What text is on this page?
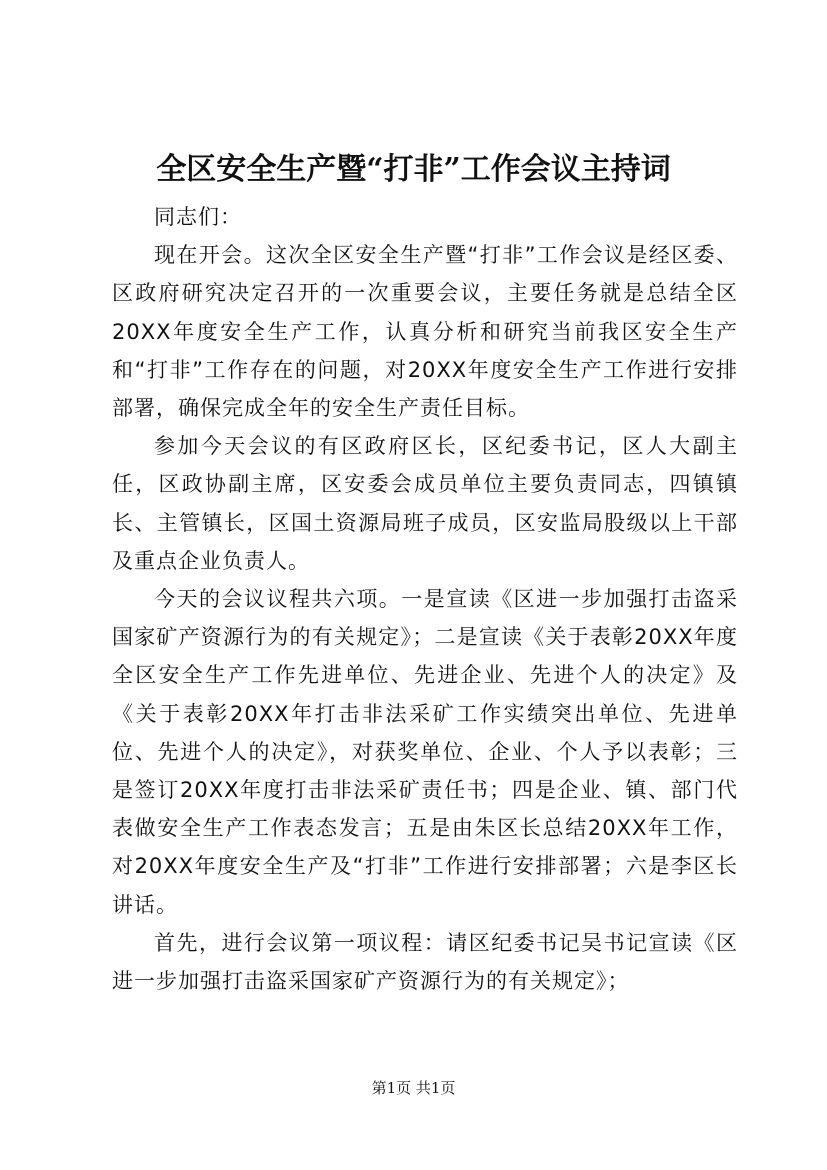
全区安全生产暨“打非”工作会议主持词

同志们：

现在开会。这次全区安全生产暨“打非”工作会议是经区委、区政府研究决定召开的一次重要会议，主要任务就是总结全区20XX年度安全生产工作，认真分析和研究当前我区安全生产和“打非”工作存在的问题，对20XX年度安全生产工作进行安排部署，确保完成全年的安全生产责任目标。

参加今天会议的有区政府区长，区纪委书记，区人大副主任，区政协副主席，区安委会成员单位主要负责同志，四镇镇长、主管镇长，区国土资源局班子成员，区安监局股级以上干部及重点企业负责人。

今天的会议议程共六项。一是宣读《区进一步加强打击盗采国家矿产资源行为的有关规定》；二是宣读《关于表彰20XX年度全区安全生产工作先进单位、先进企业、先进个人的决定》及《关于表彰20XX年打击非法采矿工作实绩突出单位、先进单位、先进个人的决定》，对获奖单位、企业、个人予以表彰；三是签订20XX年度打击非法采矿责任书；四是企业、镇、部门代表做安全生产工作表态发言；五是由朱区长总结20XX年工作，对20XX年度安全生产及“打非”工作进行安排部署；六是李区长讲话。

首先，进行会议第一项议程：请区纪委书记吴书记宣读《区进一步加强打击盗采国家矿产资源行为的有关规定》；

第1页 共1页
